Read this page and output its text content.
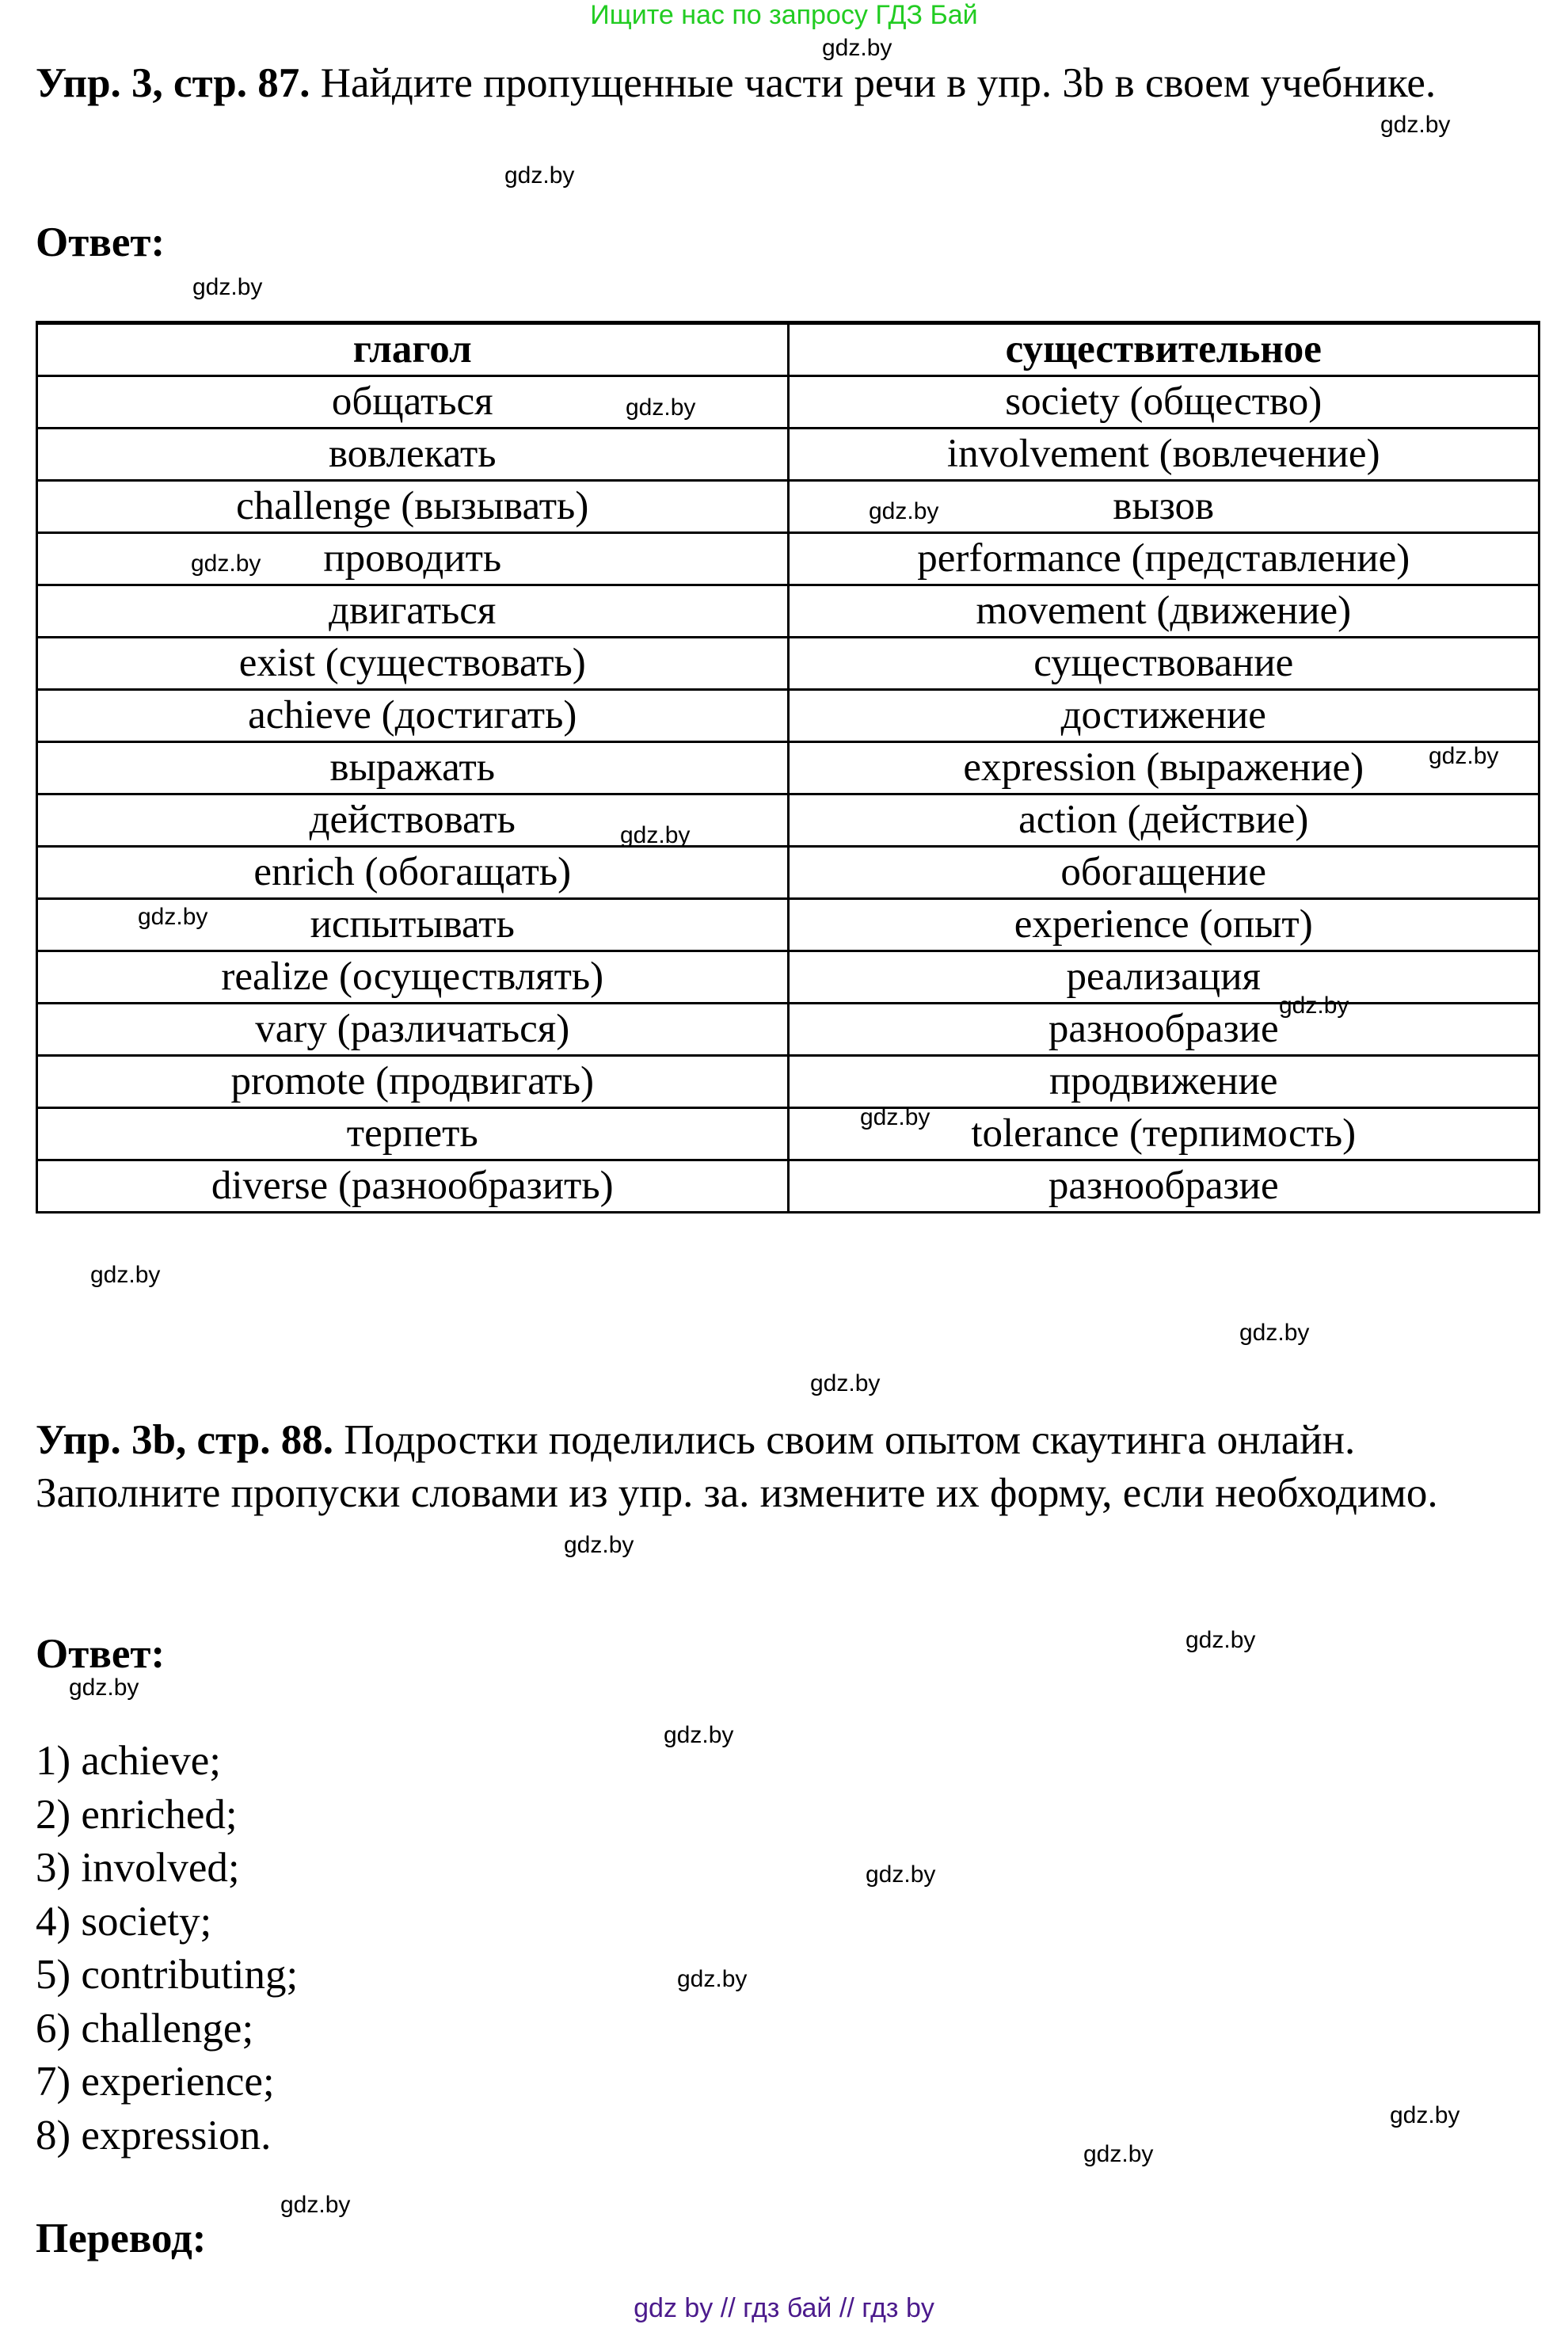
Ищите нас по запросу ГДЗ Бай
Упр. 3, стр. 87. Найдите пропущенные части речи в упр. 3b в своем учебнике.
Ответ:
глагол	существительное
общаться	society (общество)
вовлекать	involvement (вовлечение)
challenge (вызывать)	вызов
проводить	performance (представление)
двигаться	movement (движение)
exist (существовать)	существование
achieve (достигать)	достижение
выражать	expression (выражение)
действовать	action (действие)
enrich (обогащать)	обогащение
испытывать	experience (опыт)
realize (осуществлять)	реализация
vary (различаться)	разнообразие
promote (продвигать)	продвижение
терпеть	tolerance (терпимость)
diverse (разнообразить)	разнообразие
Упр. 3b, стр. 88. Подростки поделились своим опытом скаутинга онлайн. Заполните пропуски словами из упр. за. измените их форму, если необходимо.
Ответ:
1) achieve;
2) enriched;
3) involved;
4) society;
5) contributing;
6) challenge;
7) experience;
8) expression.
Перевод:
gdz by // гдз бай // гдз by
gdz.by
gdz.by
gdz.by
gdz.by
gdz.by
gdz.by
gdz.by
gdz.by
gdz.by
gdz.by
gdz.by
gdz.by
gdz.by
gdz.by
gdz.by
gdz.by
gdz.by
gdz.by
gdz.by
gdz.by
gdz.by
gdz.by
gdz.by
gdz.by
